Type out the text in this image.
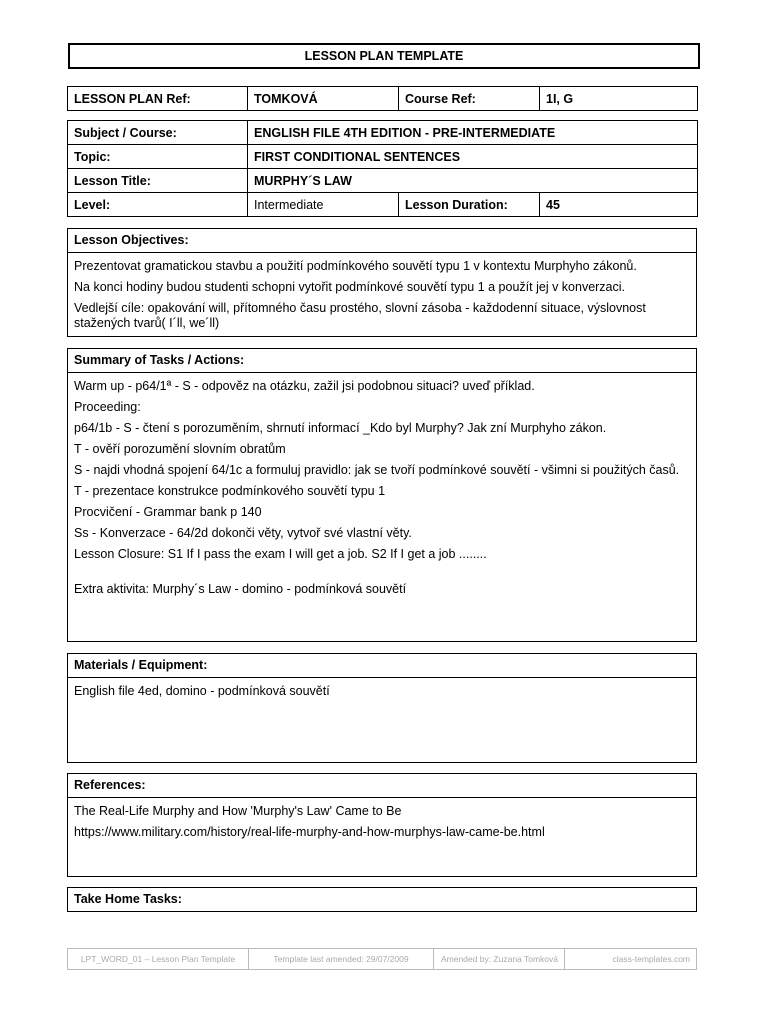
LESSON PLAN TEMPLATE
LESSON PLAN Ref:	TOMKOVÁ	Course Ref:	1I, G
Subject / Course:	ENGLISH FILE 4TH EDITION - PRE-INTERMEDIATE		
Topic:	FIRST CONDITIONAL SENTENCES		
Lesson Title:	MURPHY´S LAW		
Level:	Intermediate	Lesson Duration:	45
Lesson Objectives:

Prezentovat gramatickou stavbu a použití podmínkového souvětí typu 1 v kontextu Murphyho zákonů.

Na konci hodiny budou studenti schopni vytořit podmínkové souvětí typu 1 a použít jej v konverzaci.

Vedlejší cíle: opakování will, přítomného času prostého, slovní zásoba - každodenní situace, výslovnost stažených tvarů( I´ll, we´ll)

Summary of Tasks / Actions:

Warm up - p64/1ª - S - odpověz na otázku, zažil jsi podobnou situaci? uveď příklad.

Proceeding:

p64/1b - S - čtení s porozuměním, shrnutí informací _Kdo byl Murphy? Jak zní Murphyho zákon.

T - ověří porozumění slovním obratům

S - najdi vhodná spojení 64/1c a formuluj pravidlo: jak se tvoří podmínkové souvětí - všimni si použitých časů.

T - prezentace konstrukce podmínkového souvětí typu 1

Procvičení - Grammar bank p 140

Ss - Konverzace - 64/2d dokonči věty, vytvoř své vlastní věty.

Lesson Closure: S1 If I pass the exam I will get a job. S2 If I get a job ........

Extra aktivita: Murphy´s Law - domino - podmínková souvětí

Materials / Equipment:

English file 4ed, domino - podmínková souvětí

References:

The Real-Life Murphy and How 'Murphy's Law' Came to Be

https://www.military.com/history/real-life-murphy-and-how-murphys-law-came-be.html

Take Home Tasks:
LPT_WORD_01 – Lesson Plan Template	Template last amended: 29/07/2009	Amended by: Zuzana Tomková	class-templates.com
